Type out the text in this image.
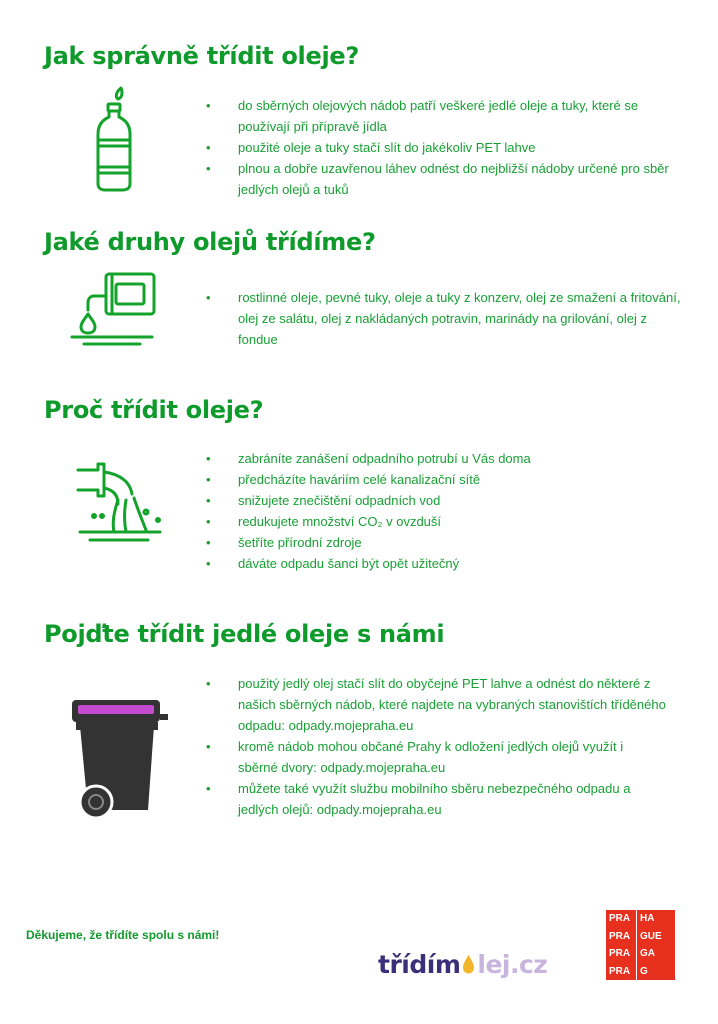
Jak správně třídit oleje?
• do sběrných olejových nádob patří veškeré jedlé oleje a tuky, které se používají při přípravě jídla
• použité oleje a tuky stačí slít do jakékoliv PET lahve
• plnou a dobře uzavřenou láhev odnést do nejbližší nádoby určené pro sběr jedlých olejů a tuků
Jaké druhy olejů třídíme?
• rostlinné oleje, pevné tuky, oleje a tuky z konzerv, olej ze smažení a fritování, olej ze salátu, olej z nakládaných potravin, marinády na grilování, olej z fondue
Proč třídit oleje?
• zabráníte zanášení odpadního potrubí u Vás doma
• předcházíte haváriím celé kanalizační sítě
• snižujete znečištění odpadních vod
• redukujete množství CO₂ v ovzduší
• šetříte přírodní zdroje
• dáváte odpadu šanci být opět užitečný
Pojďte třídit jedlé oleje s námi
• použitý jedlý olej stačí slít do obyčejné PET lahve a odnést do některé z našich sběrných nádob, které najdete na vybraných stanovištích tříděného odpadu: odpady.mojepraha.eu
• kromě nádob mohou občané Prahy k odložení jedlých olejů využít i sběrné dvory: odpady.mojepraha.eu
• můžete také využít službu mobilního sběru nebezpečného odpadu a jedlých olejů: odpady.mojepraha.eu
Děkujeme, že třídíte spolu s námi!
třídím lej.cz
PRA HA
PRA GUE
PRA GA
PRA G
